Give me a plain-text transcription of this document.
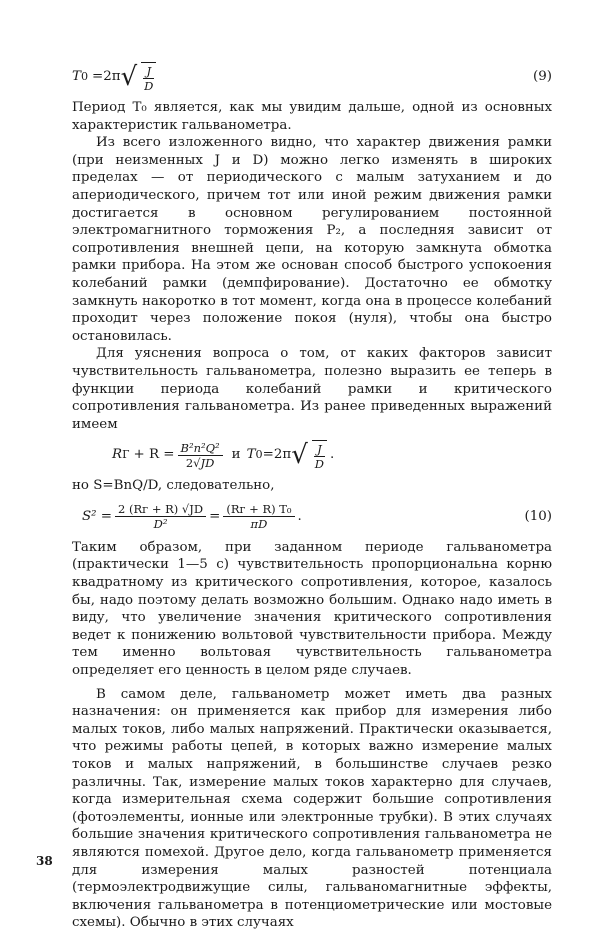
T 0 =2π √ $\frac{J}{D}$	(9)

Период T₀ является, как мы увидим дальше, одной из основных характеристик гальванометра.

Из всего изложенного видно, что характер движения рамки (при неизменных J и D) можно легко изменять в широких пределах — от периодического с малым затуханием и до апериодического, причем тот или иной режим движения рамки достигается в основном регулированием постоянной электромагнитного торможения P₂, а последняя зависит от сопротивления внешней цепи, на которую замкнута обмотка рамки прибора. На этом же основан способ быстрого успокоения колебаний рамки (демпфирование). Достаточно ее обмотку замкнуть накоротко в тот момент, когда она в процессе колебаний проходит через положение покоя (нуля), чтобы она быстро остановилась.

Для уяснения вопроса о том, от каких факторов зависит чувствительность гальванометра, полезно выразить ее теперь в функции периода колебаний рамки и критического сопротивления гальванометра. Из ранее приведенных выражений имеем

R $Г + R = \frac{\text{B²n²Q²}}{2√JD}$ и T 0 =2π √ $\frac{J}{D}$ .

но S=BnQ/D, следовательно,

$S^2 = \frac{2 (Rг + R) √JD}{\text{D²}} = \frac{\text{(Rг + R) T₀}}{\pi D}$ .	(10)

Таким образом, при заданном периоде гальванометра (практически 1—5 с) чувствительность пропорциональна корню квадратному из критического сопротивления, которое, казалось бы, надо поэтому делать возможно большим. Однако надо иметь в виду, что увеличение значения критического сопротивления ведет к понижению вольтовой чувствительности прибора. Между тем именно вольтовая чувствительность гальванометра определяет его ценность в целом ряде случаев.

В самом деле, гальванометр может иметь два разных назначения: он применяется как прибор для измерения либо малых токов, либо малых напряжений. Практически оказывается, что режимы работы цепей, в которых важно измерение малых токов и малых напряжений, в большинстве случаев резко различны. Так, измерение малых токов характерно для случаев, когда измерительная схема содержит большие сопротивления (фотоэлементы, ионные или электронные трубки). В этих случаях большие значения критического сопротивления гальванометра не являются помехой. Другое дело, когда гальванометр применяется для измерения малых разностей потенциала (термоэлектродвижущие силы, гальваномагнитные эффекты, включения гальванометра в потенциометрические или мостовые схемы). Обычно в этих случаях

38
